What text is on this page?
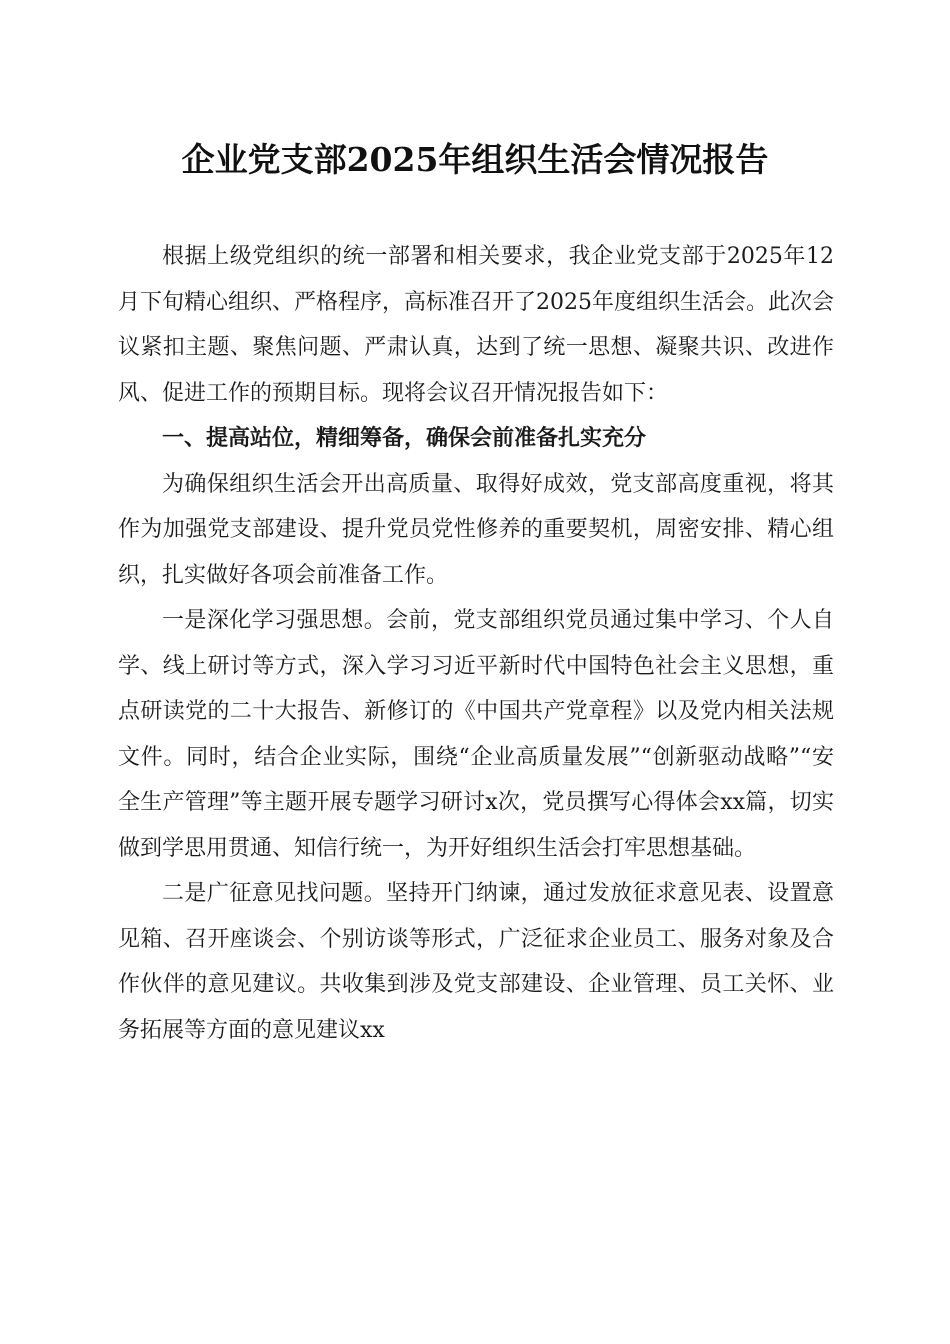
企业党支部2025年组织生活会情况报告

根据上级党组织的统一部署和相关要求，我企业党支部于2025年12月下旬精心组织、严格程序，高标准召开了2025年度组织生活会。此次会议紧扣主题、聚焦问题、严肃认真，达到了统一思想、凝聚共识、改进作风、促进工作的预期目标。现将会议召开情况报告如下：

一、提高站位，精细筹备，确保会前准备扎实充分

为确保组织生活会开出高质量、取得好成效，党支部高度重视，将其作为加强党支部建设、提升党员党性修养的重要契机，周密安排、精心组织，扎实做好各项会前准备工作。

一是深化学习强思想。会前，党支部组织党员通过集中学习、个人自学、线上研讨等方式，深入学习习近平新时代中国特色社会主义思想，重点研读党的二十大报告、新修订的《中国共产党章程》以及党内相关法规文件。同时，结合企业实际，围绕“企业高质量发展”“创新驱动战略”“安全生产管理”等主题开展专题学习研讨x次，党员撰写心得体会xx篇，切实做到学思用贯通、知信行统一，为开好组织生活会打牢思想基础。

二是广征意见找问题。坚持开门纳谏，通过发放征求意见表、设置意见箱、召开座谈会、个别访谈等形式，广泛征求企业员工、服务对象及合作伙伴的意见建议。共收集到涉及党支部建设、企业管理、员工关怀、业务拓展等方面的意见建议xx
